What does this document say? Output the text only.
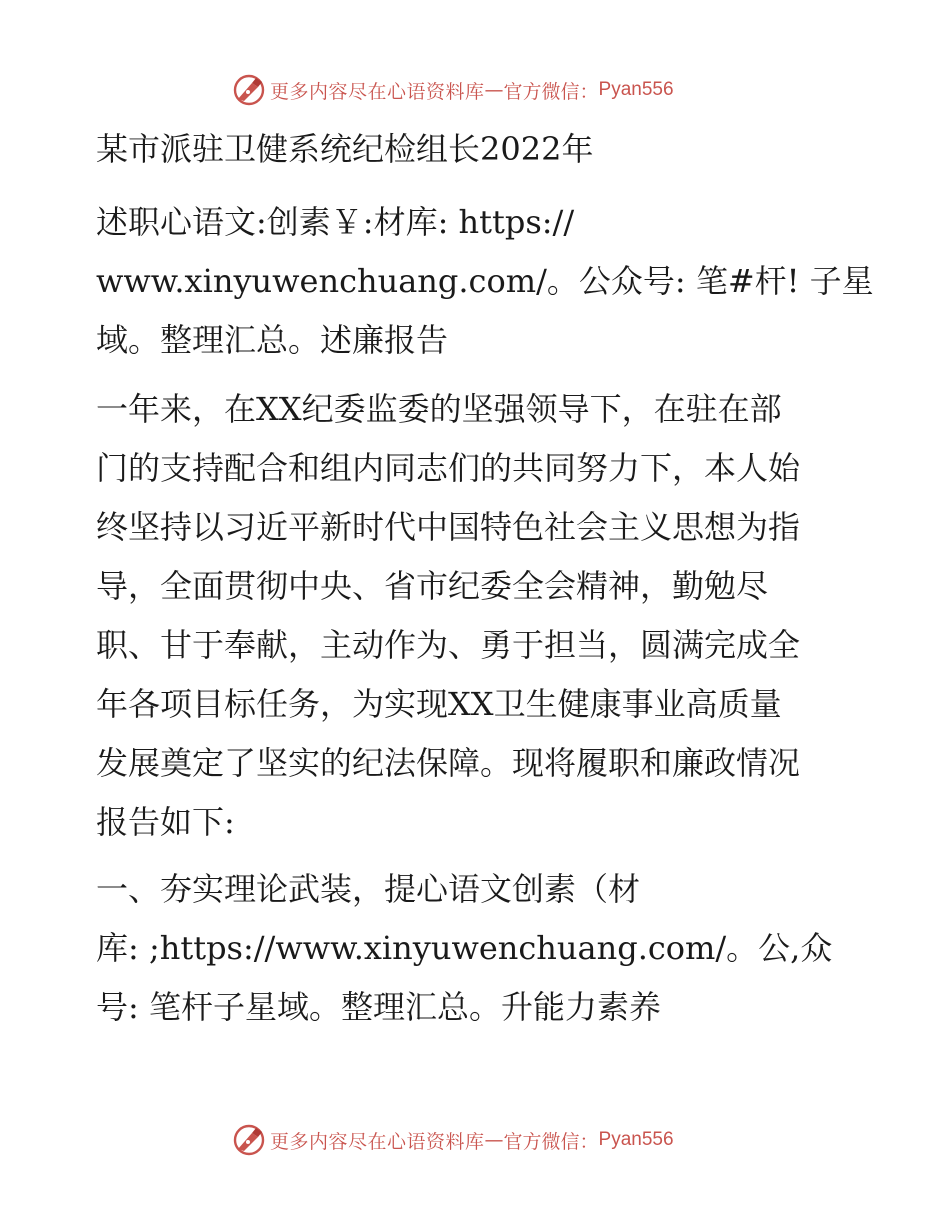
更多内容尽在心语资料库 — 官方微信： Pyan556
某市派驻卫健系统纪检组长2022年
述职心语文:创素￥:材库: https://
www.xinyuwenchuang.com/。公众号: 笔#杆! 子星
域。整理汇总。述廉报告
一年来，在XX纪委监委的坚强领导下，在驻在部
门的支持配合和组内同志们的共同努力下，本人始
终坚持以习近平新时代中国特色社会主义思想为指
导，全面贯彻中央、省市纪委全会精神，勤勉尽
职、甘于奉献，主动作为、勇于担当，圆满完成全
年各项目标任务，为实现XX卫生健康事业高质量
发展奠定了坚实的纪法保障。现将履职和廉政情况
报告如下:
一、夯实理论武装，提心语文创素（材
库: ;https://www.xinyuwenchuang.com/。公,众
号: 笔杆子星域。整理汇总。升能力素养
更多内容尽在心语资料库 — 官方微信： Pyan556
